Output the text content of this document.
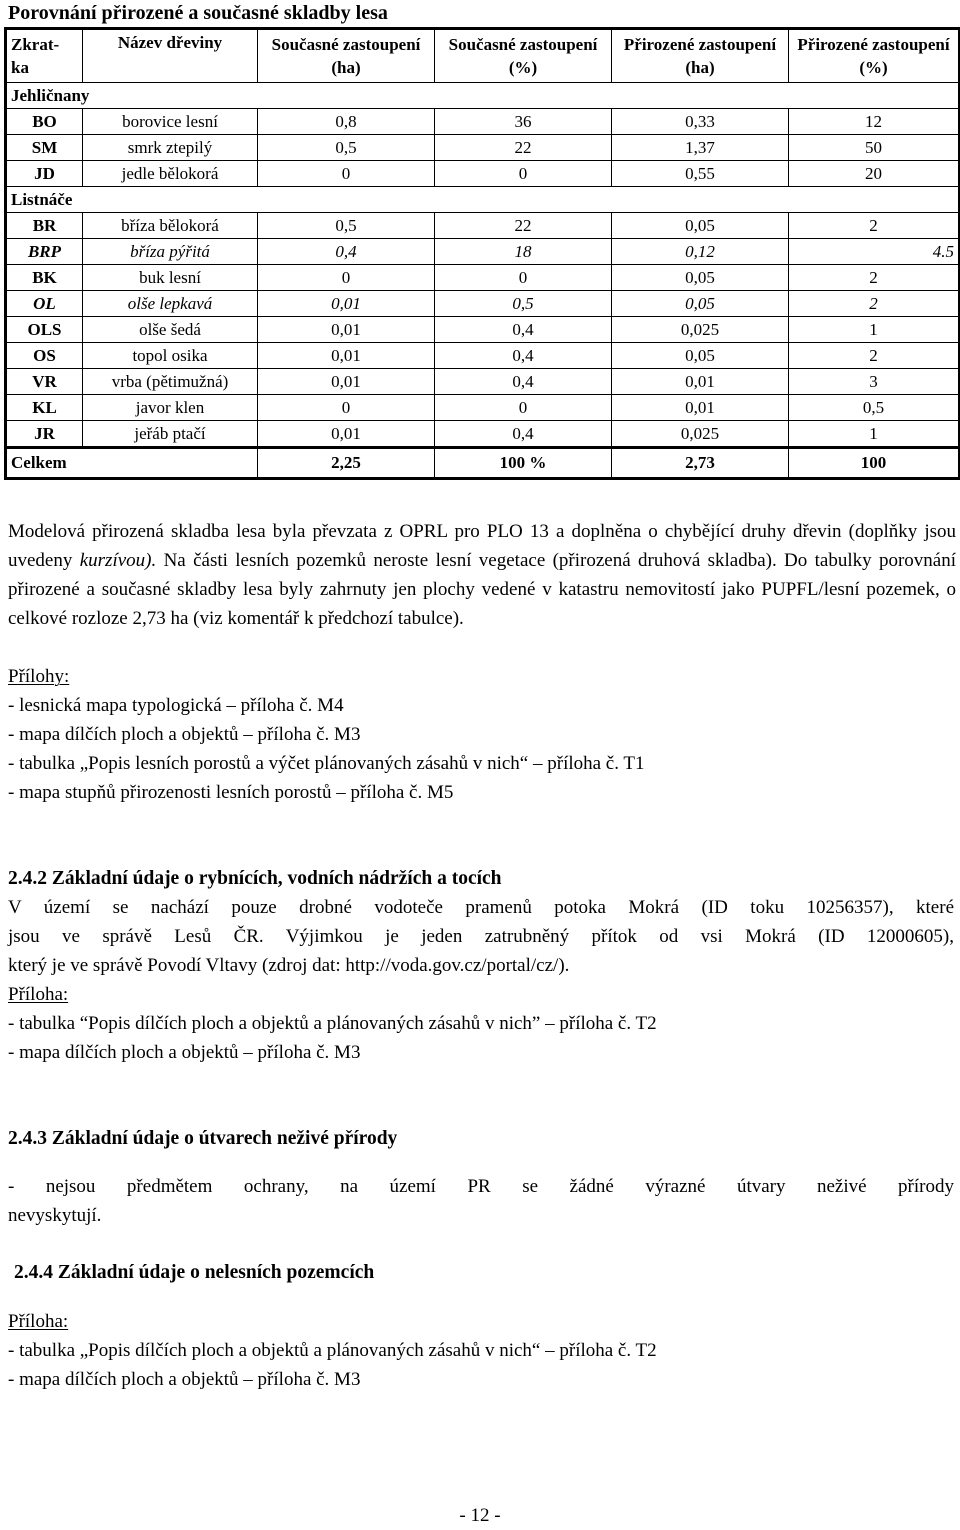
Porovnání přirozené a současné skladby lesa
Zkrat-
ka	Název dřeviny	Současné zastoupení (ha)	Současné zastoupení (%)	Přirozené zastoupení (ha)	Přirozené zastoupení (%)
Jehličnany					
BO	borovice lesní	0,8	36	0,33	12
SM	smrk ztepilý	0,5	22	1,37	50
JD	jedle bělokorá	0	0	0,55	20
Listnáče					
BR	bříza bělokorá	0,5	22	0,05	2
BRP	bříza pýřitá	0,4	18	0,12	4.5
BK	buk lesní	0	0	0,05	2
OL	olše lepkavá	0,01	0,5	0,05	2
OLS	olše šedá	0,01	0,4	0,025	1
OS	topol osika	0,01	0,4	0,05	2
VR	vrba (pětimužná)	0,01	0,4	0,01	3
KL	javor klen	0	0	0,01	0,5
JR	jeřáb ptačí	0,01	0,4	0,025	1
Celkem		2,25	100 %	2,73	100
Modelová přirozená skladba lesa byla převzata z OPRL pro PLO 13 a doplněna o chybějící druhy dřevin (doplňky jsou uvedeny kurzívou). Na části lesních pozemků neroste lesní vegetace (přirozená druhová skladba). Do tabulky porovnání přirozené a současné skladby lesa byly zahrnuty jen plochy vedené v katastru nemovitostí jako PUPFL/lesní pozemek, o celkové rozloze 2,73 ha (viz komentář k předchozí tabulce).
Přílohy:
- lesnická mapa typologická – příloha č. M4
- mapa dílčích ploch a objektů – příloha č. M3
- tabulka „Popis lesních porostů a výčet plánovaných zásahů v nich“ – příloha č. T1
- mapa stupňů přirozenosti lesních porostů – příloha č. M5
2.4.2 Základní údaje o rybnících, vodních nádržích a tocích
V území se nachází pouze drobné vodoteče pramenů potoka Mokrá (ID toku 10256357), které
jsou ve správě Lesů ČR. Výjimkou je jeden zatrubněný přítok od vsi Mokrá (ID 12000605),
který je ve správě Povodí Vltavy (zdroj dat: http://voda.gov.cz/portal/cz/).
Příloha:
- tabulka “Popis dílčích ploch a objektů a plánovaných zásahů v nich” – příloha č. T2
- mapa dílčích ploch a objektů – příloha č. M3
2.4.3 Základní údaje o útvarech neživé přírody
- nejsou předmětem ochrany, na území PR se žádné výrazné útvary neživé přírody
nevyskytují.
2.4.4 Základní údaje o nelesních pozemcích
Příloha:
- tabulka „Popis dílčích ploch a objektů a plánovaných zásahů v nich“ – příloha č. T2
- mapa dílčích ploch a objektů – příloha č. M3
- 12 -
